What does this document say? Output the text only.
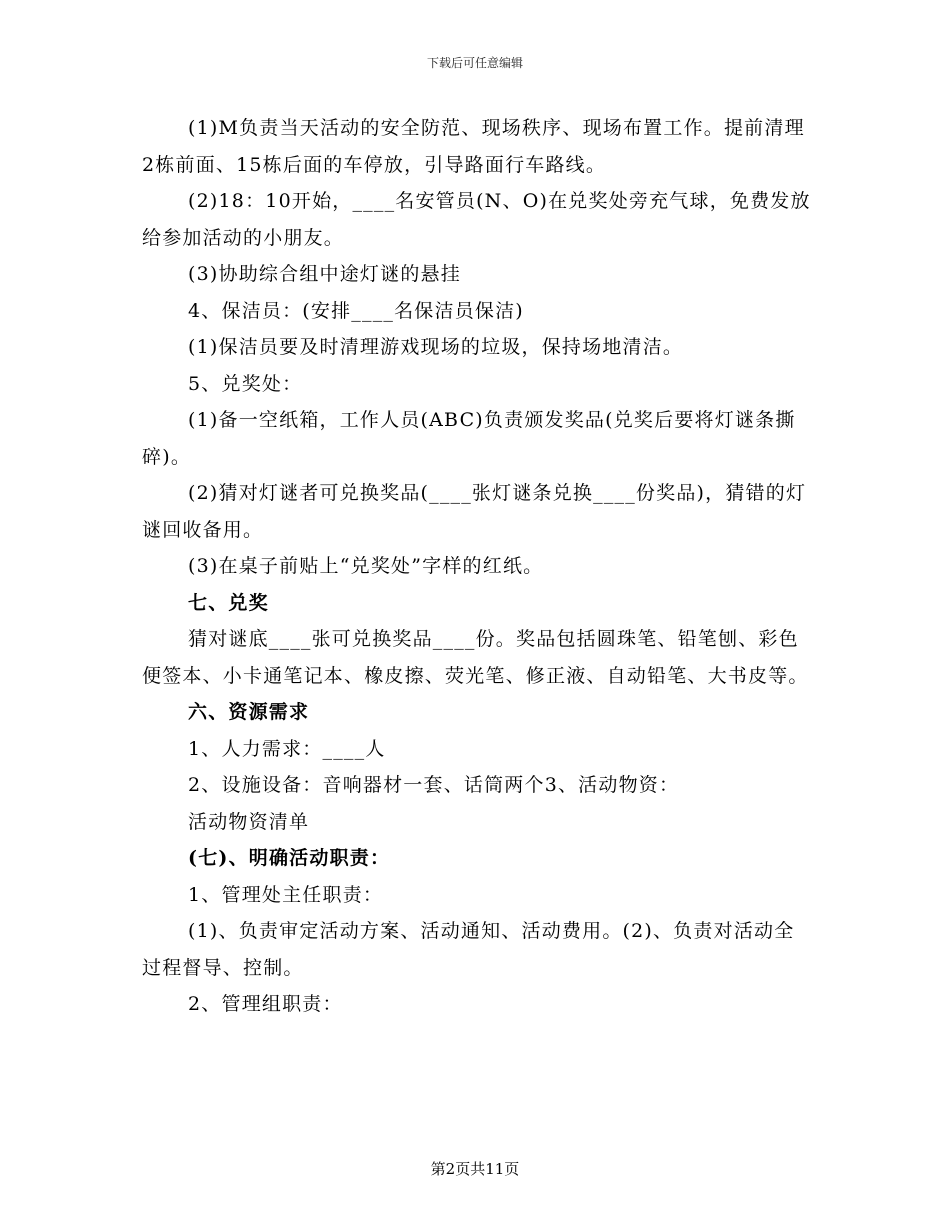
下载后可任意编辑

(1)M负责当天活动的安全防范、现场秩序、现场布置工作。提前清理2栋前面、15栋后面的车停放，引导路面行车路线。

(2)18：10开始，____名安管员(N、O)在兑奖处旁充气球，免费发放给参加活动的小朋友。

(3)协助综合组中途灯谜的悬挂

4、保洁员：(安排____名保洁员保洁)

(1)保洁员要及时清理游戏现场的垃圾，保持场地清洁。

5、兑奖处：

(1)备一空纸箱，工作人员(ABC)负责颁发奖品(兑奖后要将灯谜条撕碎)。

(2)猜对灯谜者可兑换奖品(____张灯谜条兑换____份奖品)，猜错的灯谜回收备用。

(3)在桌子前贴上“兑奖处”字样的红纸。

七、兑奖

猜对谜底____张可兑换奖品____份。奖品包括圆珠笔、铅笔刨、彩色便签本、小卡通笔记本、橡皮擦、荧光笔、修正液、自动铅笔、大书皮等。

六、资源需求

1、人力需求：____人

2、设施设备：音响器材一套、话筒两个3、活动物资：

活动物资清单

(七)、明确活动职责：

1、管理处主任职责：

(1)、负责审定活动方案、活动通知、活动费用。(2)、负责对活动全过程督导、控制。

2、管理组职责：

第2页共11页
